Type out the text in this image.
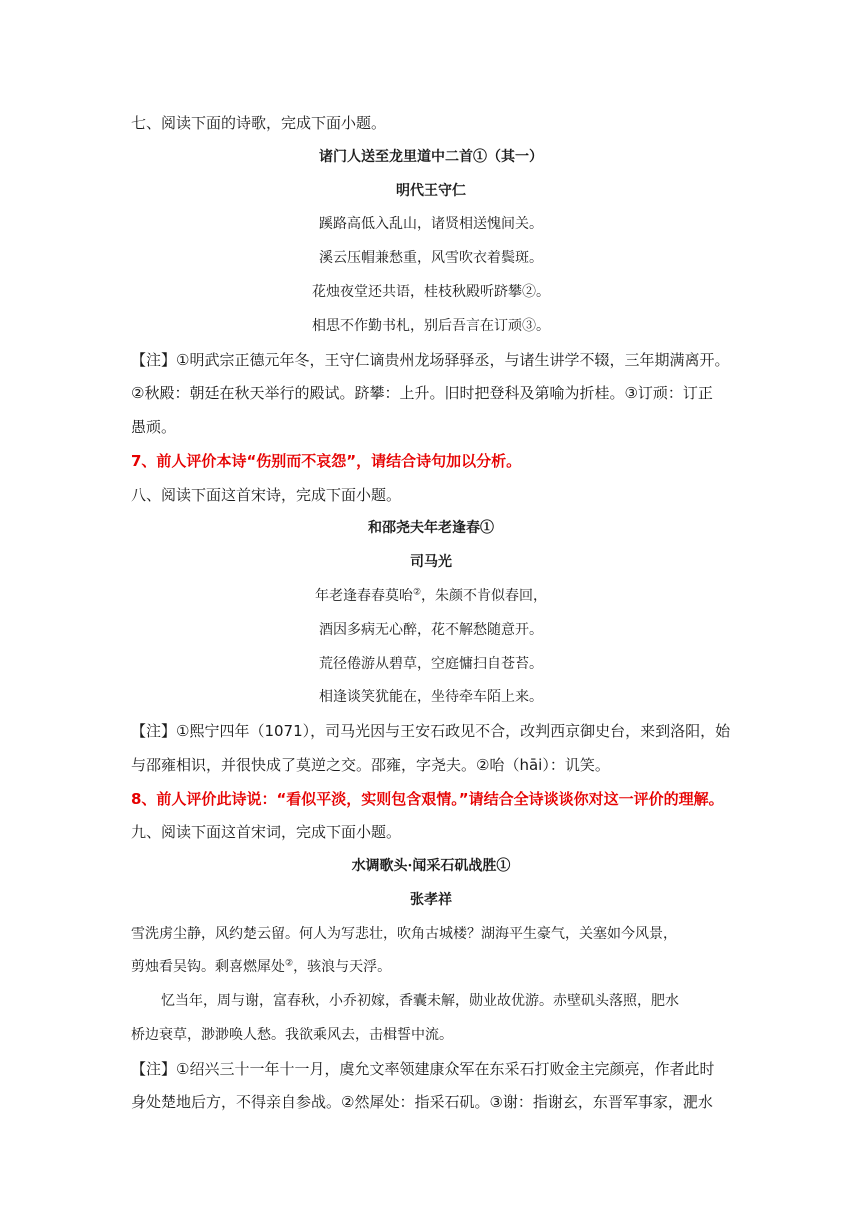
七、阅读下面的诗歌，完成下面小题。
诸门人送至龙里道中二首①（其一）
明代王守仁
蹊路高低入乱山，诸贤相送愧间关。
溪云压帽兼愁重，风雪吹衣着鬓斑。
花烛夜堂还共语，桂枝秋殿听跻攀②。
相思不作勤书札，别后吾言在订顽③。
【注】①明武宗正德元年冬，王守仁谪贵州龙场驿驿丞，与诸生讲学不辍，三年期满离开。
②秋殿：朝廷在秋天举行的殿试。跻攀：上升。旧时把登科及第喻为折桂。③订顽：订正
愚顽。
7、前人评价本诗“伤别而不哀怨”，请结合诗句加以分析。
八、阅读下面这首宋诗，完成下面小题。
和邵尧夫年老逢春①
司马光
年老逢春春莫咍②，朱颜不肯似春回，
酒因多病无心醉，花不解愁随意开。
荒径倦游从碧草，空庭慵扫自苍苔。
相逢谈笑犹能在，坐待牵车陌上来。
【注】①熙宁四年（1071），司马光因与王安石政见不合，改判西京御史台，来到洛阳，始
与邵雍相识，并很快成了莫逆之交。邵雍，字尧夫。②咍（hāi）：讥笑。
8、前人评价此诗说：“看似平淡，实则包含艰情。”请结合全诗谈谈你对这一评价的理解。
九、阅读下面这首宋词，完成下面小题。
水调歌头·闻采石矶战胜①
张孝祥
雪洗虏尘静，风约楚云留。何人为写悲壮，吹角古城楼？湖海平生豪气，关塞如今风景，
剪烛看吴钩。剩喜燃犀处②，骇浪与天浮。
忆当年，周与谢，富春秋，小乔初嫁，香囊未解，勋业故优游。赤壁矶头落照，肥水
桥边衰草，渺渺唤人愁。我欲乘风去，击楫誓中流。
【注】①绍兴三十一年十一月，虞允文率领建康众军在东采石打败金主完颜亮，作者此时
身处楚地后方，不得亲自参战。②然犀处：指采石矶。③谢：指谢玄，东晋军事家，淝水
